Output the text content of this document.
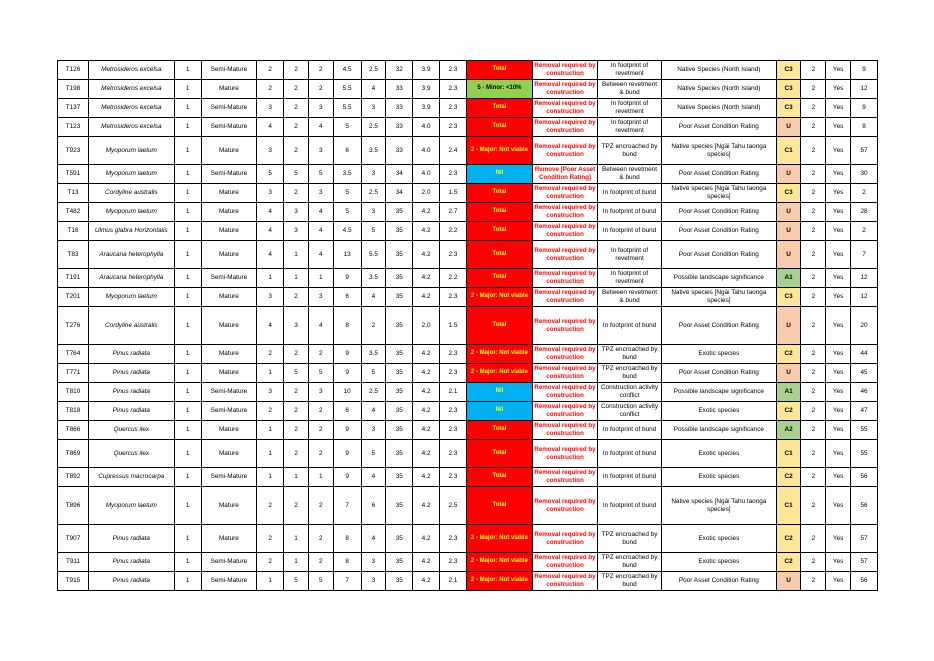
T126	Metrosideros excelsa	1	Semi-Mature	2	2	2	4.5	2.5	32	3.9	2.3	Total	Removal required by construction	In footprint of revetment	Native Species (North Island)	C3	2	Yes	9
T198	Metrosideros excelsa	1	Mature	2	2	2	5.5	4	33	3.9	2.3	5 - Minor: <10%	Removal required by construction	Between revetment & bund	Native Species (North Island)	C3	2	Yes	12
T137	Metrosideros excelsa	1	Semi-Mature	3	2	3	5.5	3	33	3.9	2.3	Total	Removal required by construction	In footprint of revetment	Native Species (North Island)	C3	2	Yes	9
T123	Metrosideros excelsa	1	Semi-Mature	4	2	4	5	2.5	33	4.0	2.3	Total	Removal required by construction	In footprint of revetment	Poor Asset Condition Rating	U	2	Yes	8
T923	Myoporum laetum	1	Mature	3	2	3	6	3.5	33	4.0	2.4	2 - Major: Not viable	Removal required by construction	TPZ encroached by bund	Native species [Ngāi Tahu taonga species]	C1	2	Yes	57
T591	Myoporum laetum	1	Semi-Mature	5	5	5	3.5	3	34	4.0	2.3	Nil	Remove [Poor Asset Condition Rating]	Between revetment & bund	Poor Asset Condition Rating	U	2	Yes	30
T13	Cordyline australis	1	Mature	3	2	3	5	2.5	34	2.0	1.5	Total	Removal required by construction	In footprint of bund	Native species [Ngāi Tahu taonga species]	C3	2	Yes	2
T482	Myoporum laetum	1	Mature	4	3	4	5	3	35	4.2	2.7	Total	Removal required by construction	In footprint of bund	Poor Asset Condition Rating	U	2	Yes	28
T16	Ulmus glabra Horizontalis	1	Mature	4	3	4	4.5	5	35	4.2	2.2	Total	Removal required by construction	In footprint of bund	Poor Asset Condition Rating	U	2	Yes	2
T83	Araucaria heterophylla	1	Mature	4	1	4	13	5.5	35	4.2	2.3	Total	Removal required by construction	In footprint of revetment	Poor Asset Condition Rating	U	2	Yes	7
T191	Araucaria heterophylla	1	Semi-Mature	1	1	1	9	3.5	35	4.2	2.2	Total	Removal required by construction	In footprint of revetment	Possible landscape significance	A1	2	Yes	12
T201	Myoporum laetum	1	Mature	3	2	3	6	4	35	4.2	2.3	2 - Major: Not viable	Removal required by construction	Between revetment & bund	Native species [Ngāi Tahu taonga species]	C3	2	Yes	12
T276	Cordyline australis	1	Mature	4	3	4	8	2	35	2.0	1.5	Total	Removal required by construction	In footprint of bund	Poor Asset Condition Rating	U	2	Yes	20
T764	Pinus radiata	1	Mature	2	2	2	9	3.5	35	4.2	2.3	2 - Major: Not viable	Removal required by construction	TPZ encroached by bund	Exotic species	C2	2	Yes	44
T771	Pinus radiata	1	Mature	1	5	5	9	5	35	4.2	2.3	2 - Major: Not viable	Removal required by construction	TPZ encroached by bund	Poor Asset Condition Rating	U	2	Yes	45
T810	Pinus radiata	1	Semi-Mature	3	2	3	10	2.5	35	4.2	2.1	Nil	Removal required by construction	Construction activity conflict	Possible landscape significance	A1	2	Yes	46
T818	Pinus radiata	1	Semi-Mature	2	2	2	6	4	35	4.2	2.3	Nil	Removal required by construction	Construction activity conflict	Exotic species	C2	2	Yes	47
T866	Quercus ilex	1	Mature	1	2	2	9	3	35	4.2	2.3	Total	Removal required by construction	In footprint of bund	Possible landscape significance	A2	2	Yes	55
T869	Quercus ilex	1	Mature	1	2	2	9	5	35	4.2	2.3	Total	Removal required by construction	In footprint of bund	Exotic species	C1	2	Yes	55
T892	Cupressus macrocarpa	1	Semi-Mature	1	1	1	9	4	35	4.2	2.3	Total	Removal required by construction	In footprint of bund	Exotic species	C2	2	Yes	56
T896	Myoporum laetum	1	Mature	2	2	2	7	6	35	4.2	2.5	Total	Removal required by construction	In footprint of bund	Native species [Ngāi Tahu taonga species]	C1	2	Yes	56
T907	Pinus radiata	1	Mature	2	1	2	8	4	35	4.2	2.3	2 - Major: Not viable	Removal required by construction	TPZ encroached by bund	Exotic species	C2	2	Yes	57
T911	Pinus radiata	1	Semi-Mature	2	1	2	8	3	35	4.2	2.3	2 - Major: Not viable	Removal required by construction	TPZ encroached by bund	Exotic species	C2	2	Yes	57
T915	Pinus radiata	1	Semi-Mature	1	5	5	7	3	35	4.2	2.1	2 - Major: Not viable	Removal required by construction	TPZ encroached by bund	Poor Asset Condition Rating	U	2	Yes	56
